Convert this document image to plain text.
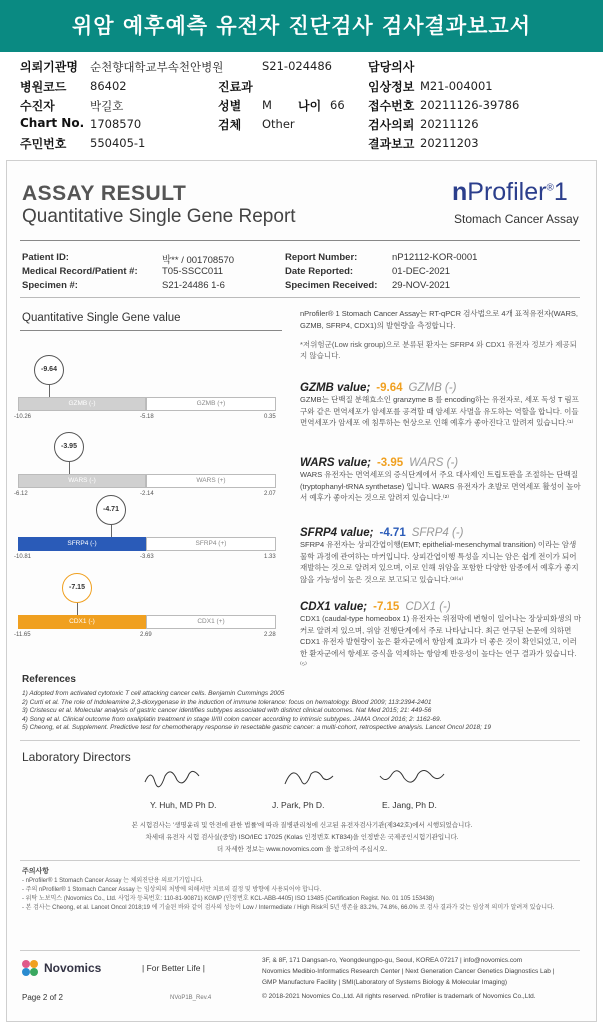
위암 예후예측 유전자 진단검사 검사결과보고서
의뢰기관명 순천향대학교부속천안병원	S21-024486	담당의사
병원코드 86402	진료과	임상정보 M21-004001
수진자	박길호	성별 M 나이 66 접수번호 20211126-39786
Chart No. 1708570	검체 Other	검사의뢰 20211126
주민번호 550405-1	결과보고 20211203
ASSAY RESULT
Quantitative Single Gene Report
nProfiler®1
Stomach Cancer Assay
Patient ID:	박** / 001708570
Medical Record/Patient #:	T05-SSCC011
Specimen #:	S21-24486 1-6
Report Number:	nP12112-KOR-0001
Date Reported:	01-DEC-2021
Specimen Received: 29-NOV-2021
Quantitative Single Gene value	nProfiler® 1 Stomach Cancer Assay는 RT-qPCR 검사법으로 4개 표적유전자(WARS, GZMB, SFRP4, CDX1)의 발현량을 측정합니다.
*저위험군(Low risk group)으로 분류된 환자는 SFRP4 와 CDX1 유전자 정보가 제공되지 않습니다.
-9.64
GZMB (-)	GZMB (+)
-10.26	-5.18	0.35
-3.95
WARS (-)	WARS (+)
-6.12	-2.14	2.07
-4.71
SFRP4 (-)	SFRP4 (+)
-10.81	-3.63	1.33
-7.15
CDX1 (-)	CDX1 (+)
-11.65	2.69	2.28
GZMB value; -9.64 GZMB (-)
GZMB는 단백질 분해효소인 granzyme B 를 encoding하는 유전자로, 세포 독성 T 림프구와 같은 면역세포가 암세포를 공격할 때 암세포 사멸을 유도하는 역할을 합니다. 이들 면역세포가 암세포 에 침투하는 현상으로 인해 예후가 좋아진다고 알려져 있습니다.⁽¹⁾
WARS value; -3.95 WARS (-)
WARS 유전자는 면역세포의 증식단계에서 주요 대사제인 트립토판을 조절하는 단백질(tryptophanyl-tRNA synthetase) 입니다. WARS 유전자가 초발로 면역세포 활성이 높아서 예후가 좋아지는 것으로 알려져 있습니다.⁽²⁾
SFRP4 value; -4.71 SFRP4 (-)
SFRP4 유전자는 상피간엽이행(EMT; epithelial-mesenchymal transition) 이라는 암생물학 과정에 관여하는 마커입니다. 상피간엽이행 특성을 지니는 암은 쉽게 전이가 되어 재발하는 것으로 알려져 있으며, 이로 인해 위암을 포함한 다양한 암종에서 예후가 좋지 않을 가능성이 높은 것으로 보고되고 있습니다.⁽³⁾⁽⁴⁾
CDX1 value; -7.15 CDX1 (-)
CDX1 (caudal-type homeobox 1) 유전자는 위점막에 변형이 일어나는 장상피화생의 마커로 알려져 있으며, 위암 진행단계에서 주로 나타납니다. 최근 연구된 논문에 의하면 CDX1 유전자 발현량이 높은 환자군에서 항암제 효과가 더 좋은 것이 확인되었고, 이러한 환자군에서 항세포 증식을 억제하는 항암제 반응성이 높다는 연구 결과가 있습니다.⁽⁵⁾
References
1) Adopted from activated cytotoxic T cell attacking cancer cells. Benjamin Cummings 2005
2) Curti et al. The role of Indoleamine 2,3-dioxygenase in the induction of immune tolerance: focus on hematology. Blood 2009; 113:2394-2401
3) Cristescu et al. Molecular analysis of gastric cancer identifies subtypes associated with distinct clinical outcomes. Nat Med 2015; 21: 449-56
4) Song et al. Clinical outcome from oxaliplatin treatment in stage II/III colon cancer according to intrinsic subtypes. JAMA Oncol 2016; 2: 1162-69.
5) Cheong, et al. Supplement. Predictive test for chemotherapy response in resectable gastric cancer: a multi-cohort, retrospective analysis. Lancet Oncol 2018; 19
Laboratory Directors
Y. Huh, MD Ph D.	J. Park, Ph D.	E. Jang, Ph D.
본 시험검사는 '생명윤리 및 안전에 관한 법률'에 따라 질병관리청에 신고된 유전자검사기관(제342호)에서 시행되었습니다.
차세대 유전자 시험 검사실(중앙) ISO/IEC 17025 (Kolas 인정번호 KT834)을 인정받은 국제공인시험기관입니다.
더 자세한 정보는 www.novomics.com 을 참고하여 주십시오.
주의사항
- nProfiler® 1 Stomach Cancer Assay 는 체외진단용 의료기기입니다.
- 주의 nProfiler® 1 Stomach Cancer Assay 는 임상의의 처방에 의해서만 치료의 결정 및 방향에 사용되어야 합니다.
- 위탁 노보믹스 (Novomics Co., Ltd. 사업자 등록번호: 110-81-90871) KGMP (인정번호 KCL-ABB-4405) ISO 13485 (Certification Regist. No. 01 105 153438)
- 본 검사는 Cheong, et al. Lancet Oncol 2018;19 에 기술된 바와 같이 검사의 성능이 Low / Intermediate / High Risk의 5년 생존율 83.2%, 74.8%, 66.0% 로 검사 결과가 갖는 임상적 의미가 알려져 있습니다.
Novomics	| For Better Life |
3F, & 8F, 171 Dangsan-ro, Yeongdeungpo-gu, Seoul, KOREA 07217 | info@novomics.com
Novomics Medibio-Informatics Research Center | Next Generation Cancer Genetics Diagnostics Lab |
GMP Manufacture Facility | SMI(Laboratory of Systems Biology & Molecular Imaging)
Page 2 of 2	NVoP1B_Rev.4	© 2018-2021 Novomics Co.,Ltd. All rights reserved. nProfiler is trademark of Novomics Co.,Ltd.
